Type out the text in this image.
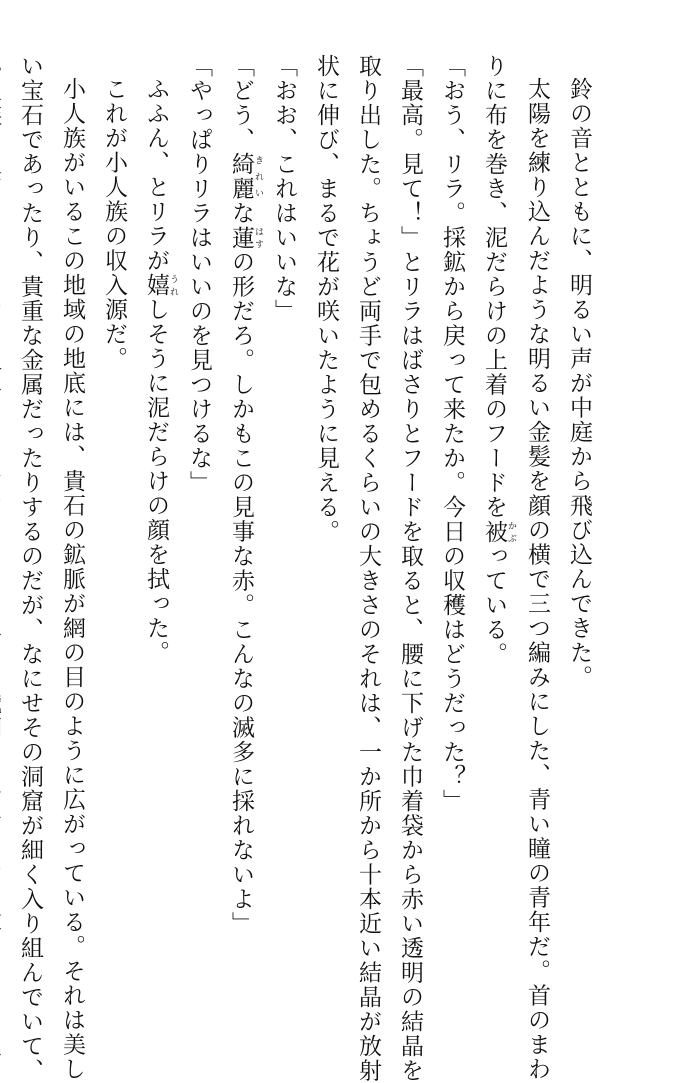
鈴の音とともに、明るい声が中庭から飛び込んできた。

太陽を練り込んだような明るい金髪を顔の横で三つ編みにした、青い瞳の青年だ。首のまわ

りに布を巻き、泥だらけの上着のフードを被 かぶっている。

「おう、リラ。採鉱から戻って来たか。今日の収穫はどうだった？」

「最高。見て！」とリラはばさりとフードを取ると、腰に下げた巾着袋から赤い透明の結晶を

取り出した。ちょうど両手で包めるくらいの大きさのそれは、一か所から十本近い結晶が放射

状に伸び、まるで花が咲いたように見える。

「おお、これはいいな」

「どう、綺麗 きれいな蓮 はすの形だろ。しかもこの見事な赤。こんなの滅多に採れないよ」

「やっぱりリラはいいのを見つけるな」

ふふん、とリラが嬉 うれしそうに泥だらけの顔を拭った。

これが小人族の収入源だ。

小人族がいるこの地域の地底には、貴石の鉱脈が網の目のように広がっている。それは美し

い宝石であったり、貴重な金属だったりするのだが、なにせその洞窟が細く入り組んでいて、
